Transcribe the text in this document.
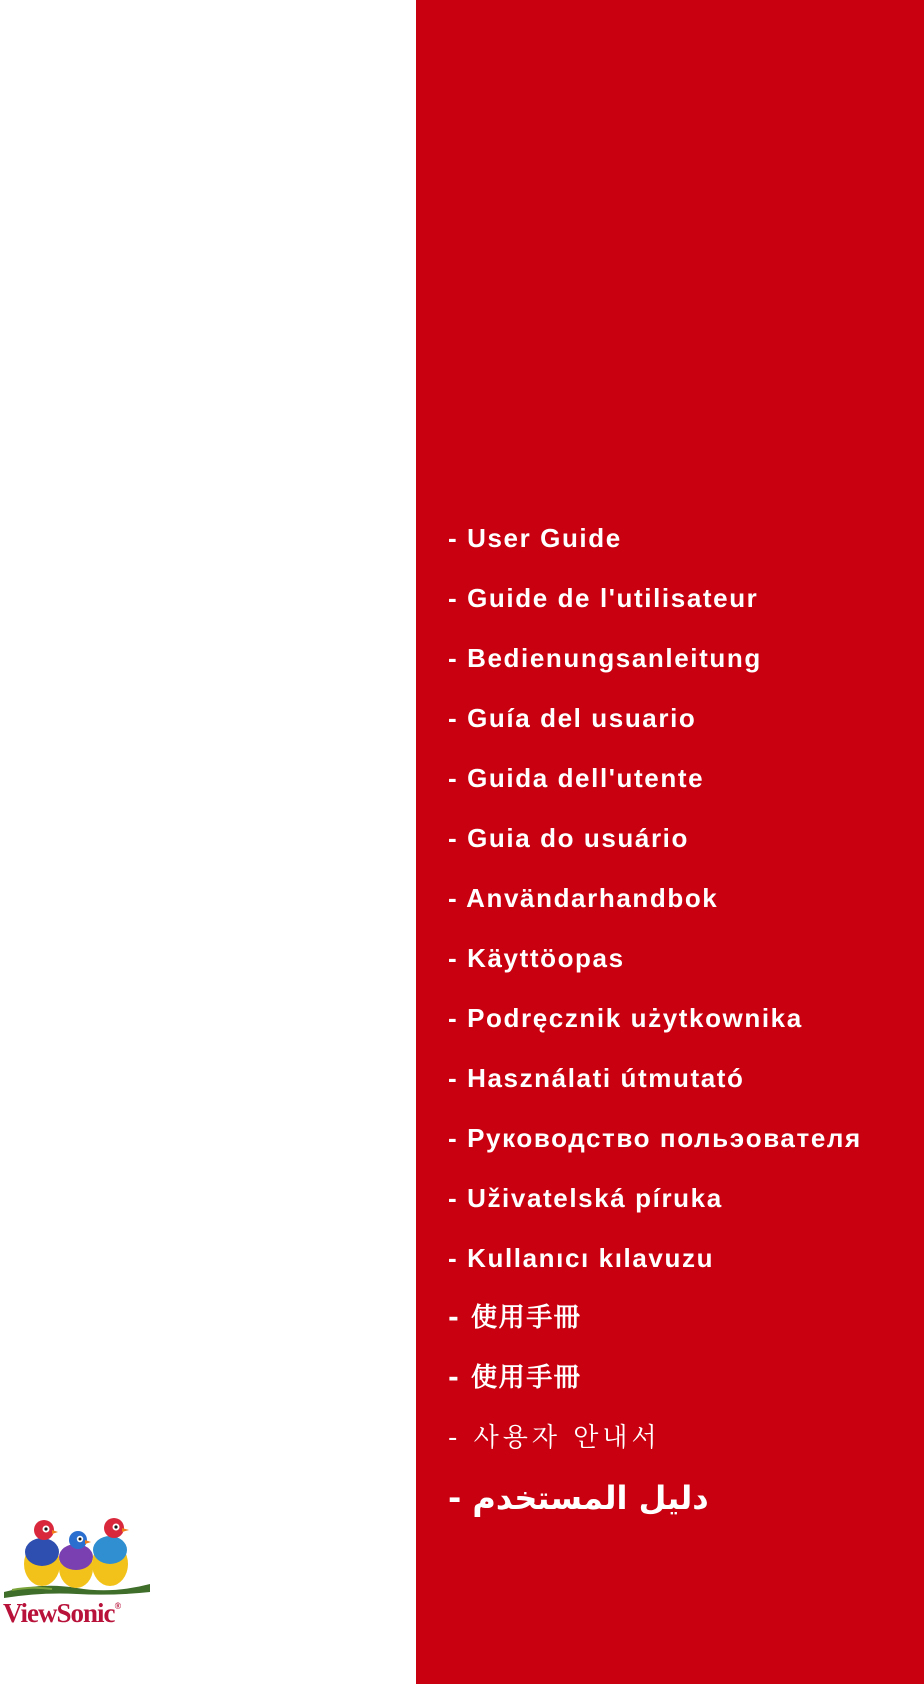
- User Guide
- Guide de l'utilisateur
- Bedienungsanleitung
- Guía del usuario
- Guida dell'utente
- Guia do usuário
- Användarhandbok
- Käyttöopas
- Podręcznik użytkownika
- Használati útmutató
- Руководство польэователя
- Uživatelská píruka
- Kullanıcı kılavuzu
- 使用手冊
- 使用手冊
- 사용자 안내서
- دليل المستخدم
ViewSonic®
